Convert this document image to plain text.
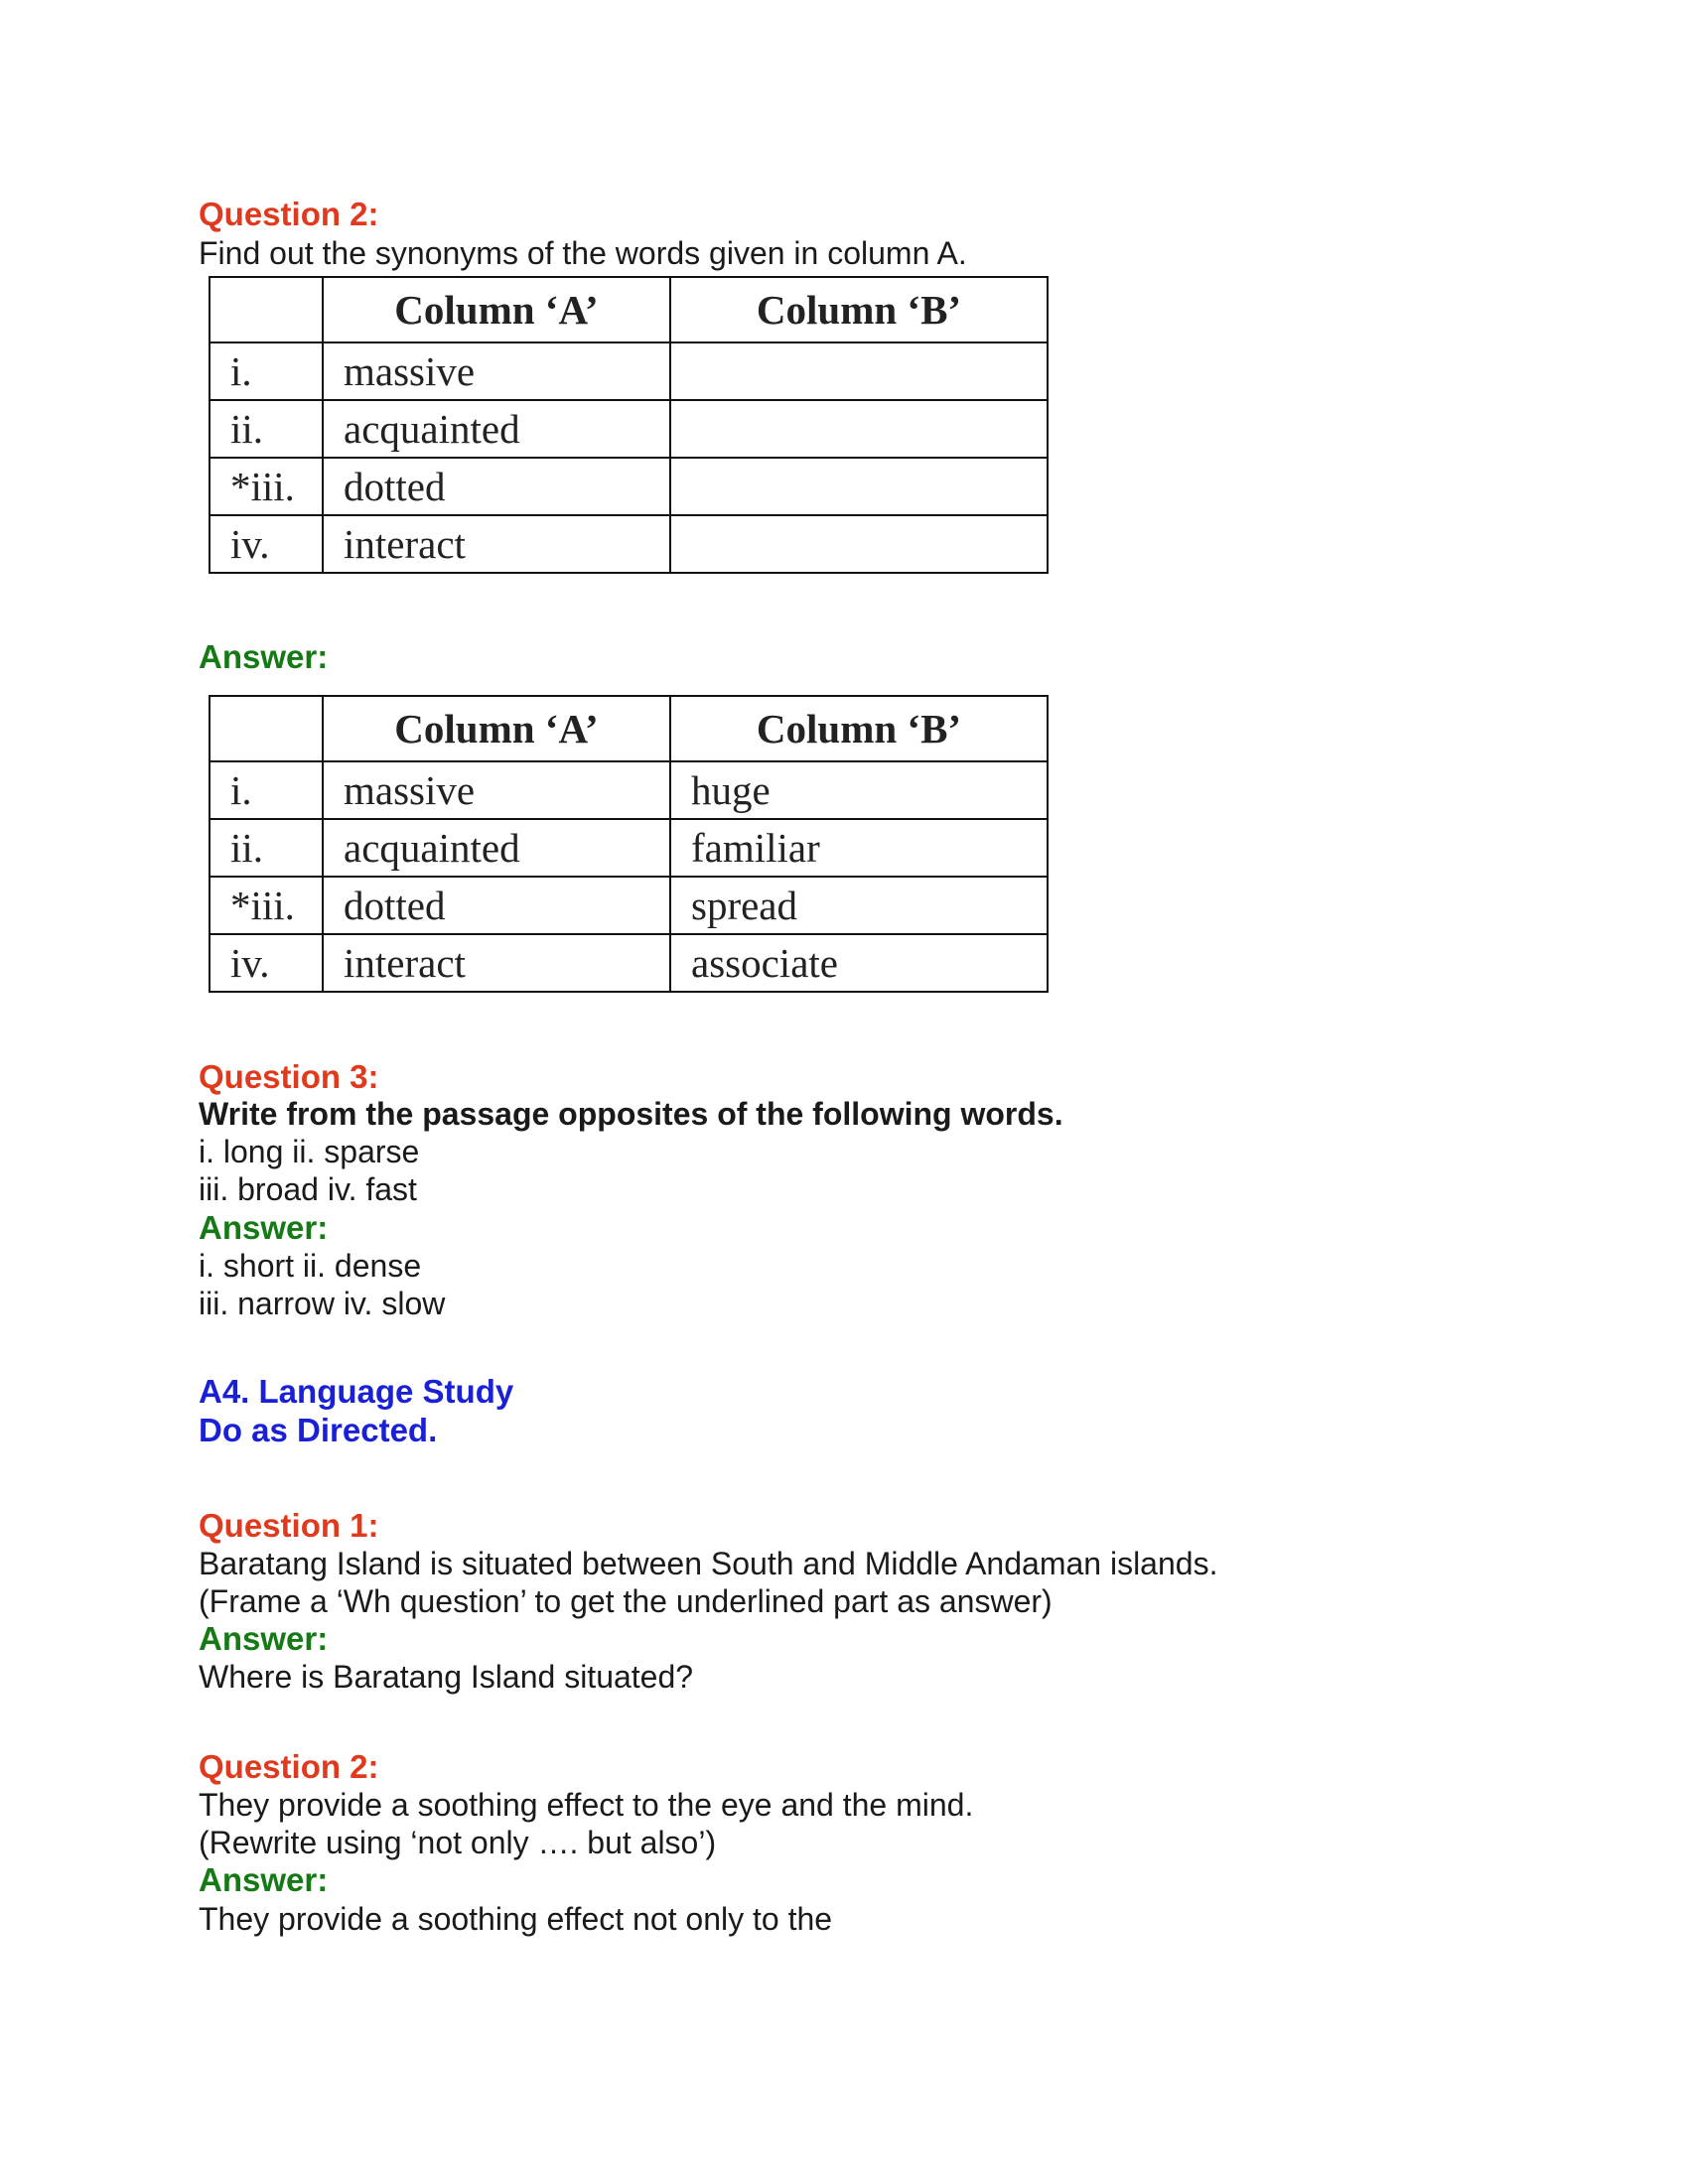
Question 2:
Find out the synonyms of the words given in column A.
	Column ‘A’	Column ‘B’
i.	massive	
ii.	acquainted	
*iii.	dotted	
iv.	interact	
Answer:
	Column ‘A’	Column ‘B’
i.	massive	huge
ii.	acquainted	familiar
*iii.	dotted	spread
iv.	interact	associate
Question 3:
Write from the passage opposites of the following words.
i. long ii. sparse
iii. broad iv. fast
Answer:
i. short ii. dense
iii. narrow iv. slow
A4. Language Study
Do as Directed.
Question 1:
Baratang Island is situated between South and Middle Andaman islands.
(Frame a ‘Wh question’ to get the underlined part as answer)
Answer:
Where is Baratang Island situated?
Question 2:
They provide a soothing effect to the eye and the mind.
(Rewrite using ‘not only …. but also’)
Answer:
They provide a soothing effect not only to the
